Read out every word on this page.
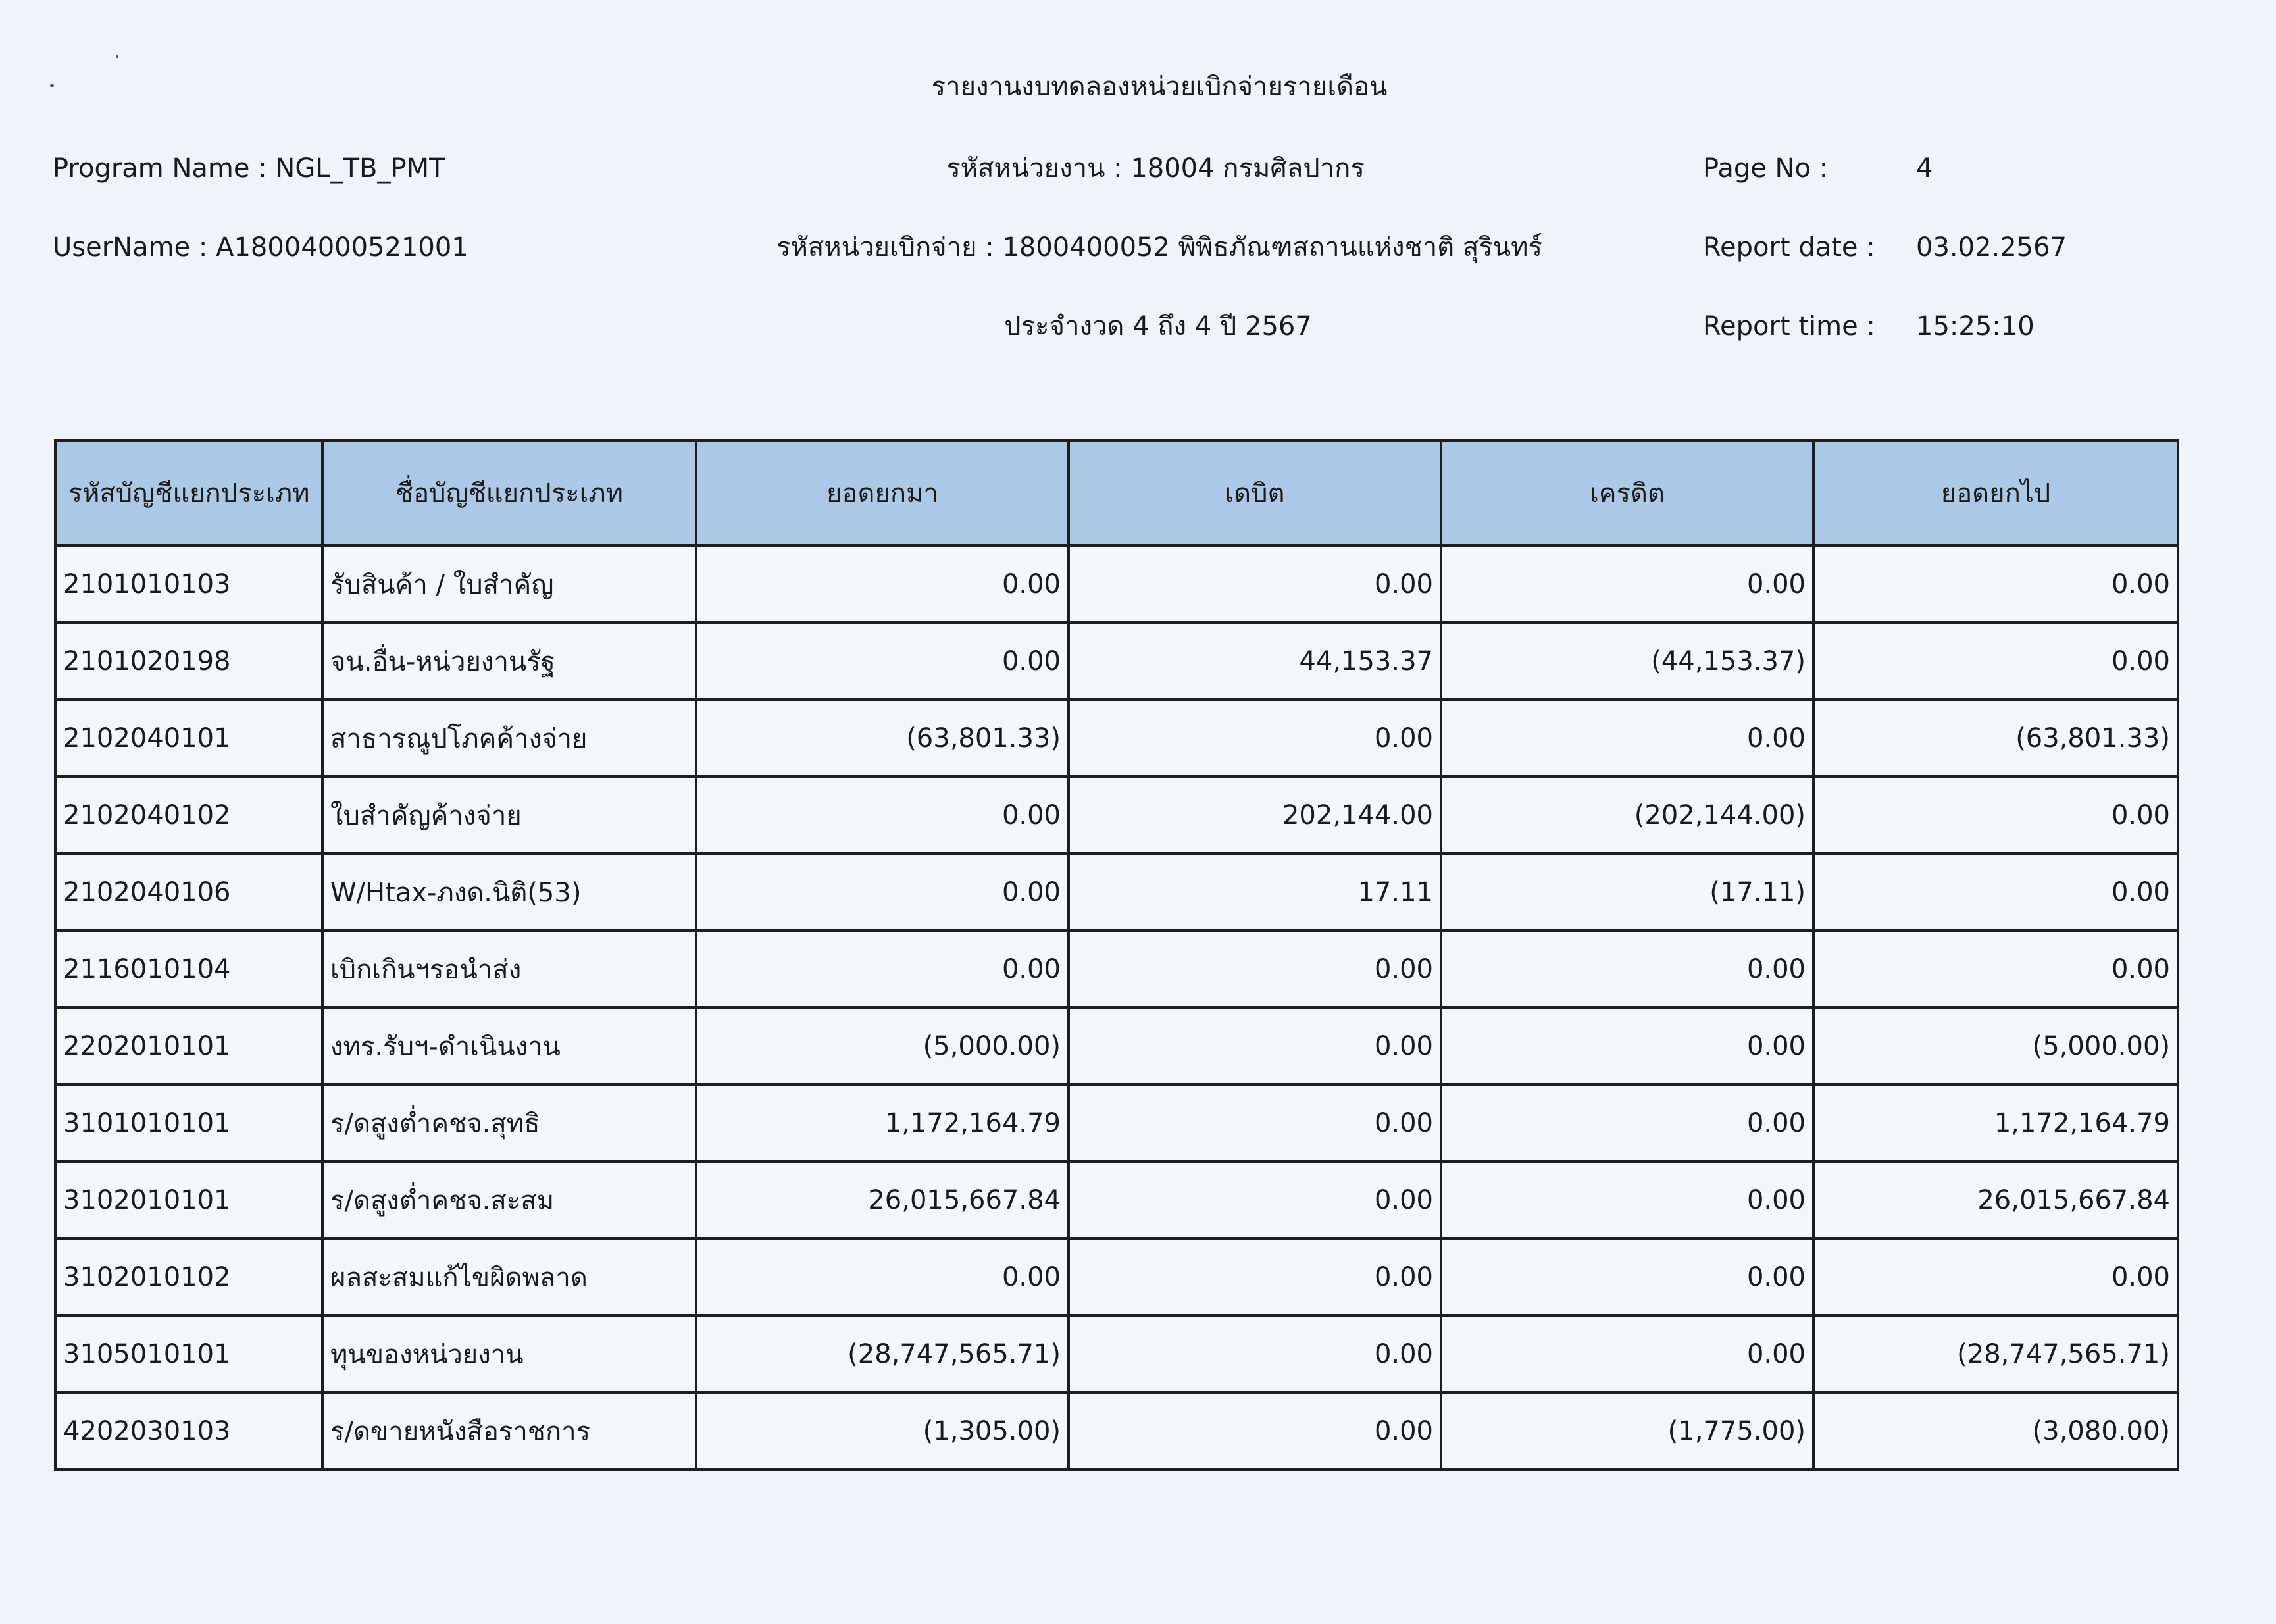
รายงานงบทดลองหน่วยเบิกจ่ายรายเดือน
Program Name : NGL_TB_PMT	รหัสหน่วยงาน : 18004 กรมศิลปากร	Page No :	4
UserName : A18004000521001	รหัสหน่วยเบิกจ่าย : 1800400052 พิพิธภัณฑสถานแห่งชาติ สุรินทร์	Report date : 03.02.2567
ประจำงวด 4 ถึง 4 ปี 2567	Report time : 15:25:10
รหัสบัญชีแยกประเภท	ชื่อบัญชีแยกประเภท	ยอดยกมา	เดบิต	เครดิต	ยอดยกไป
2101010103	รับสินค้า / ใบสำคัญ	0.00	0.00	0.00	0.00
2101020198	จน.อื่น-หน่วยงานรัฐ	0.00	44,153.37	(44,153.37)	0.00
2102040101	สาธารณูปโภคค้างจ่าย	(63,801.33)	0.00	0.00	(63,801.33)
2102040102	ใบสำคัญค้างจ่าย	0.00	202,144.00	(202,144.00)	0.00
2102040106	W/Htax-ภงด.นิติ(53)	0.00	17.11	(17.11)	0.00
2116010104	เบิกเกินฯรอนำส่ง	0.00	0.00	0.00	0.00
2202010101	งทร.รับฯ-ดำเนินงาน	(5,000.00)	0.00	0.00	(5,000.00)
3101010101	ร/ดสูงต่ำคชจ.สุทธิ	1,172,164.79	0.00	0.00	1,172,164.79
3102010101	ร/ดสูงต่ำคชจ.สะสม	26,015,667.84	0.00	0.00	26,015,667.84
3102010102	ผลสะสมแก้ไขผิดพลาด	0.00	0.00	0.00	0.00
3105010101	ทุนของหน่วยงาน	(28,747,565.71)	0.00	0.00	(28,747,565.71)
4202030103	ร/ดขายหนังสือราชการ	(1,305.00)	0.00	(1,775.00)	(3,080.00)
